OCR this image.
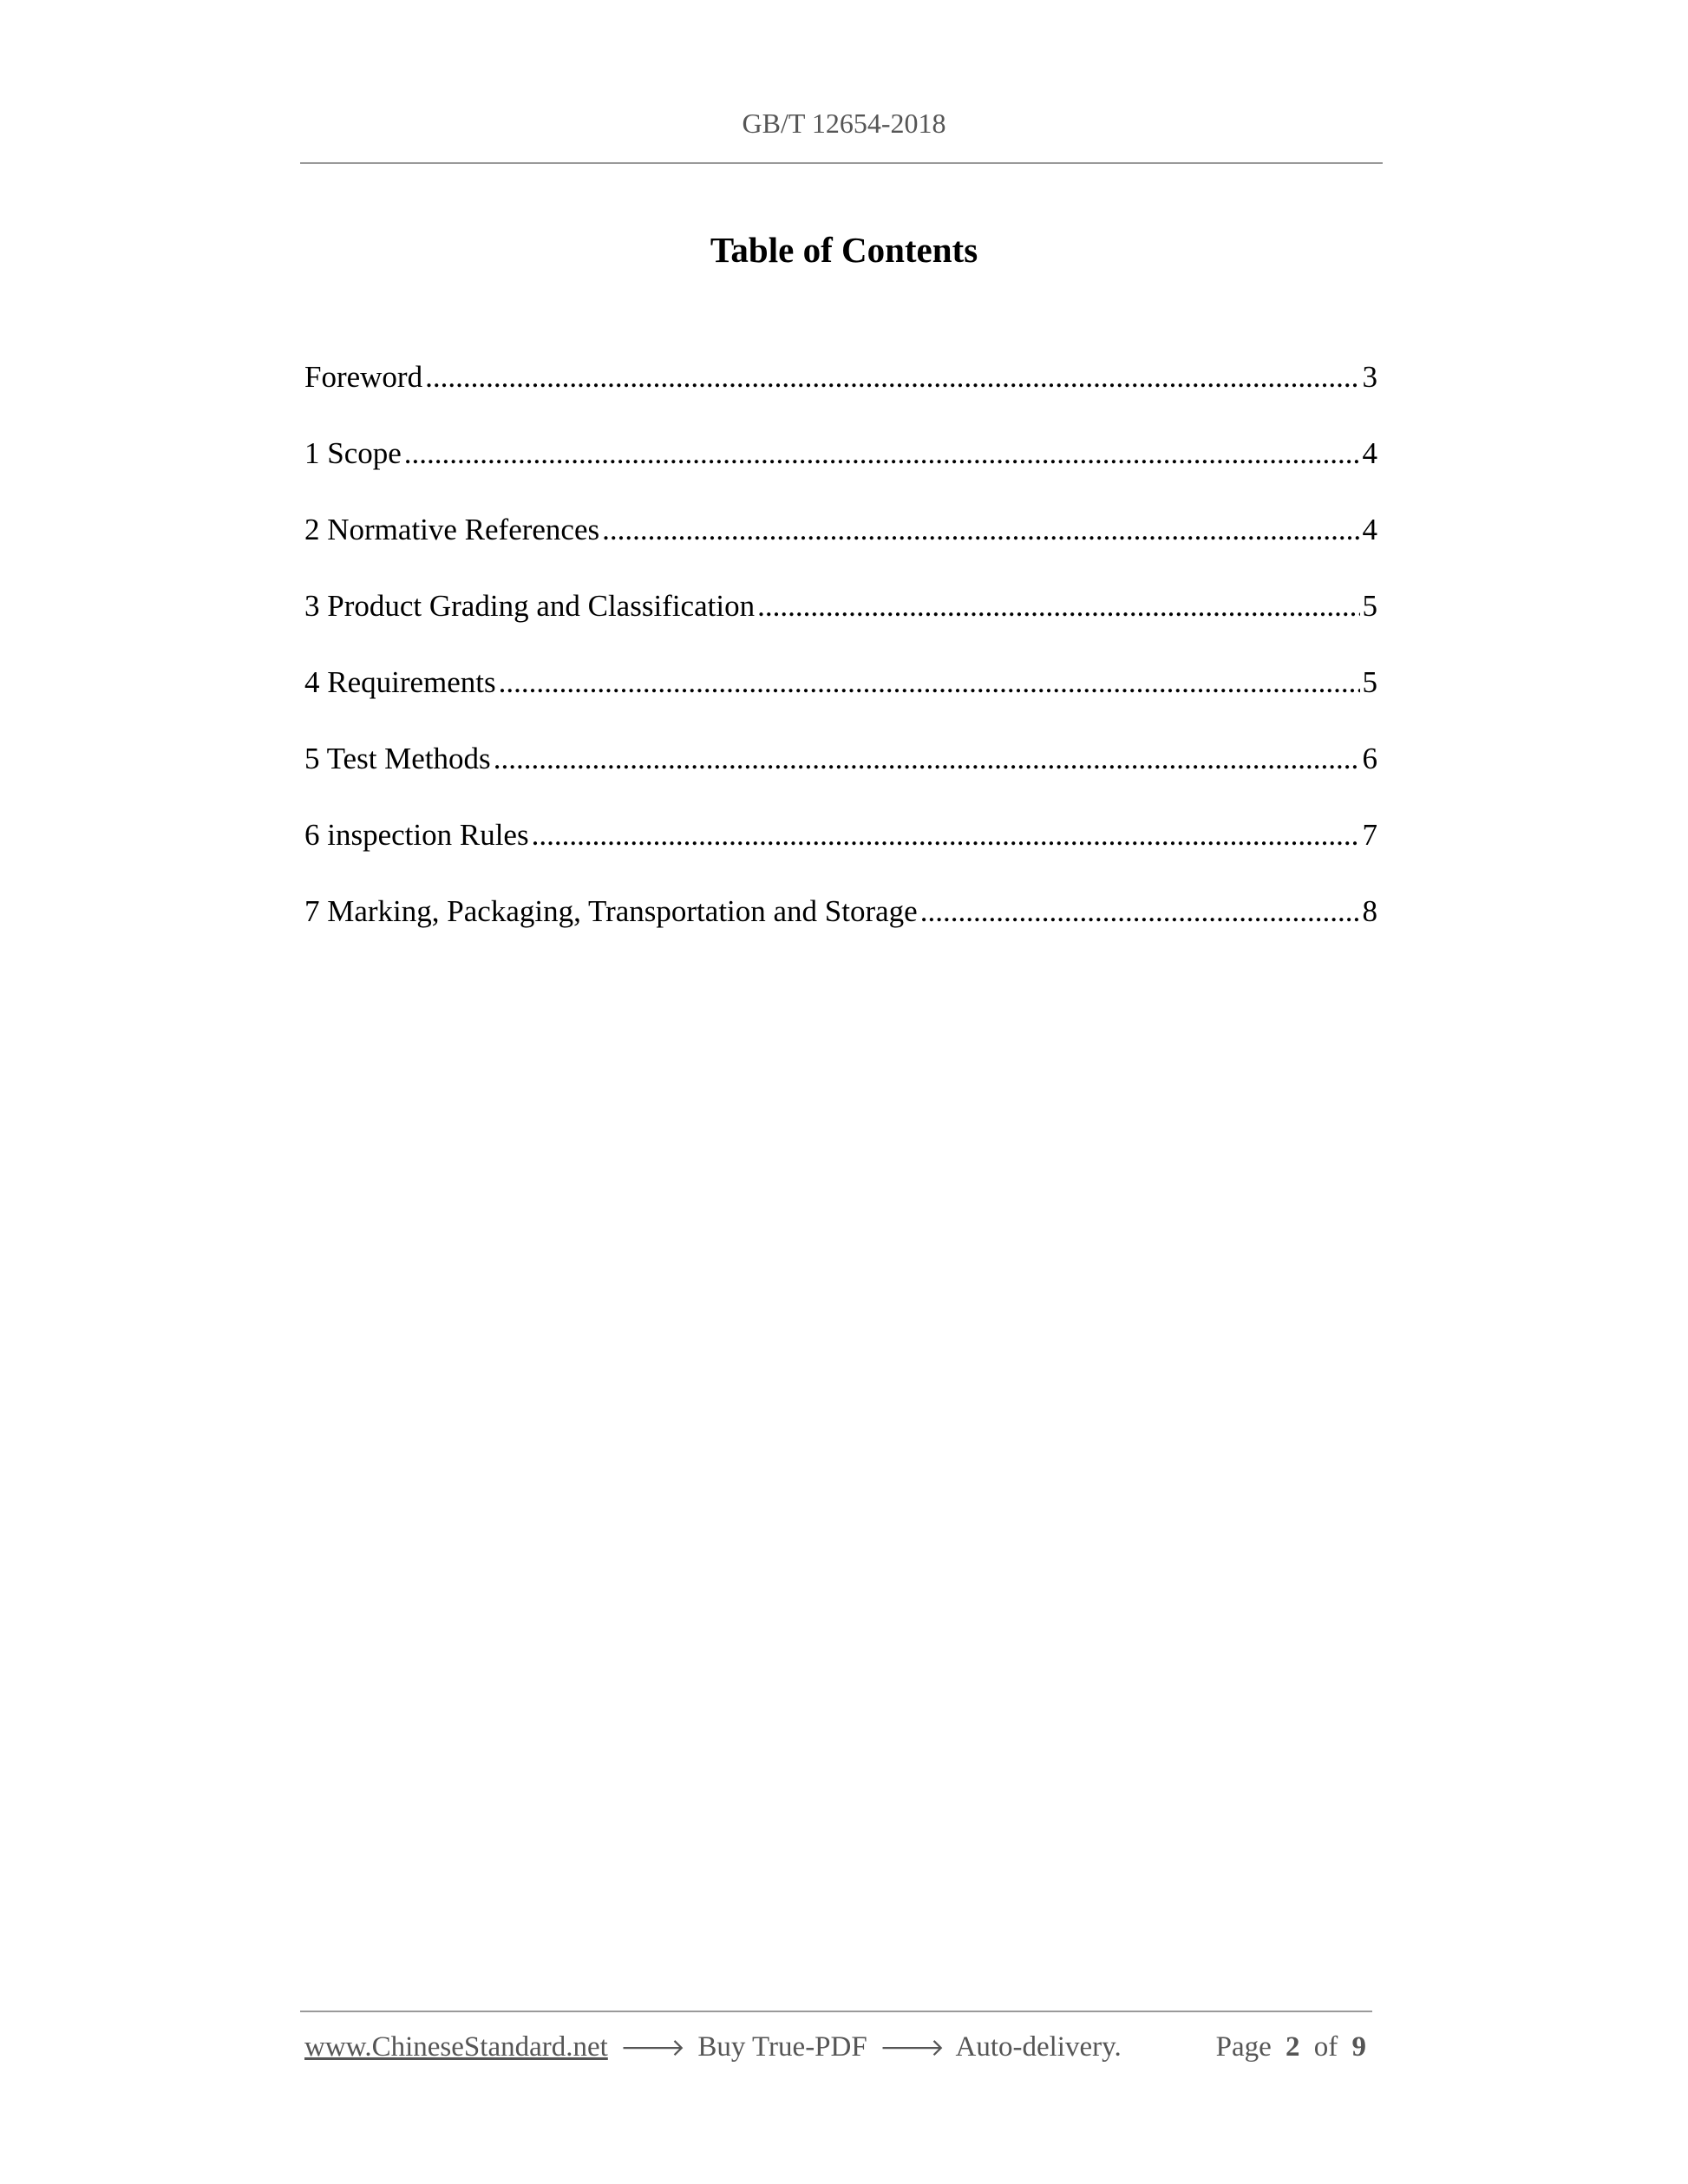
GB/T 12654-2018
Table of Contents
Foreword .....	3
1 Scope .....	4
2 Normative References .....	4
3 Product Grading and Classification .....	5
4 Requirements .....	5
5 Test Methods .....	6
6 inspection Rules .....	7
7 Marking, Packaging, Transportation and Storage .....	8
www.ChineseStandard.net 🡒 Buy True-PDF 🡒 Auto-delivery.	Page 2 of 9
